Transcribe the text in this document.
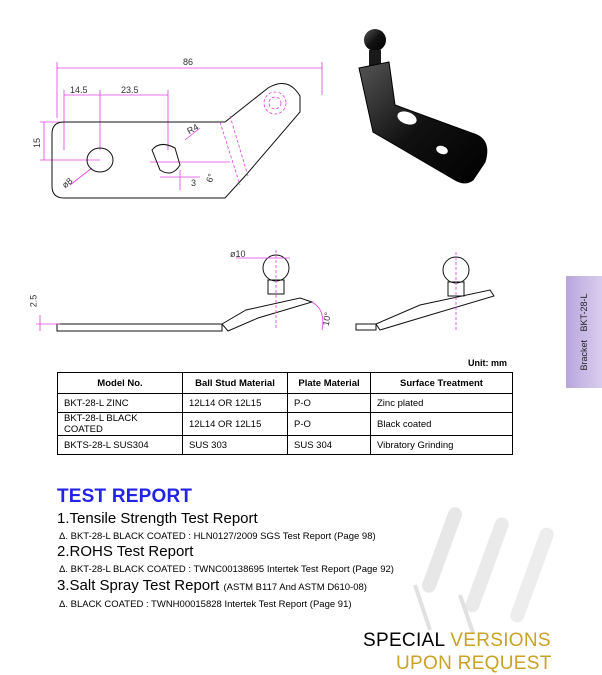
86
14.5	23.5
15
R4
ø8	3 6°
ø10
2.5
10°
Bracket BKT-28-L
Unit: mm
Model No.	Ball Stud Material	Plate Material	Surface Treatment
BKT-28-L ZINC	12L14 OR 12L15	P-O	Zinc plated
BKT-28-L BLACK COATED	12L14 OR 12L15	P-O	Black coated
BKTS-28-L SUS304	SUS 303	SUS 304	Vibratory Grinding
TEST REPORT
1.Tensile Strength Test Report
Δ. BKT-28-L BLACK COATED : HLN0127/2009 SGS Test Report (Page 98)
2.ROHS Test Report
Δ. BKT-28-L BLACK COATED : TWNC00138695 Intertek Test Report (Page 92)
3.Salt Spray Test Report (ASTM B117 And ASTM D610-08)
Δ. BLACK COATED : TWNH00015828 Intertek Test Report (Page 91)
SPECIAL VERSIONS
UPON REQUEST
